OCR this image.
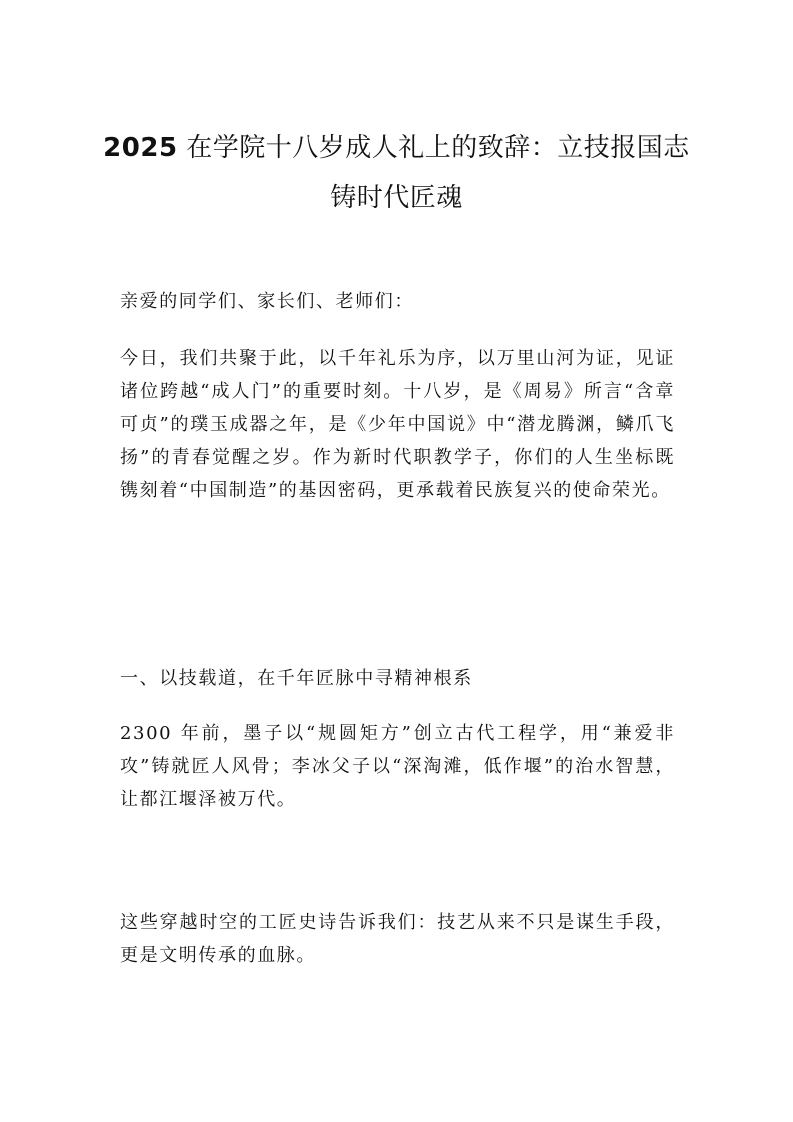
2025 在学院十八岁成人礼上的致辞：立技报国志铸时代匠魂

亲爱的同学们、家长们、老师们：

今日，我们共聚于此，以千年礼乐为序，以万里山河为证，见证诸位跨越“成人门”的重要时刻。十八岁，是《周易》所言“含章可贞”的璞玉成器之年，是《少年中国说》中“潜龙腾渊，鳞爪飞扬”的青春觉醒之岁。作为新时代职教学子，你们的人生坐标既镌刻着“中国制造”的基因密码，更承载着民族复兴的使命荣光。

一、以技载道，在千年匠脉中寻精神根系

2300 年前，墨子以“规圆矩方”创立古代工程学，用“兼爱非攻”铸就匠人风骨；李冰父子以“深淘滩，低作堰”的治水智慧，让都江堰泽被万代。

这些穿越时空的工匠史诗告诉我们：技艺从来不只是谋生手段，更是文明传承的血脉。
